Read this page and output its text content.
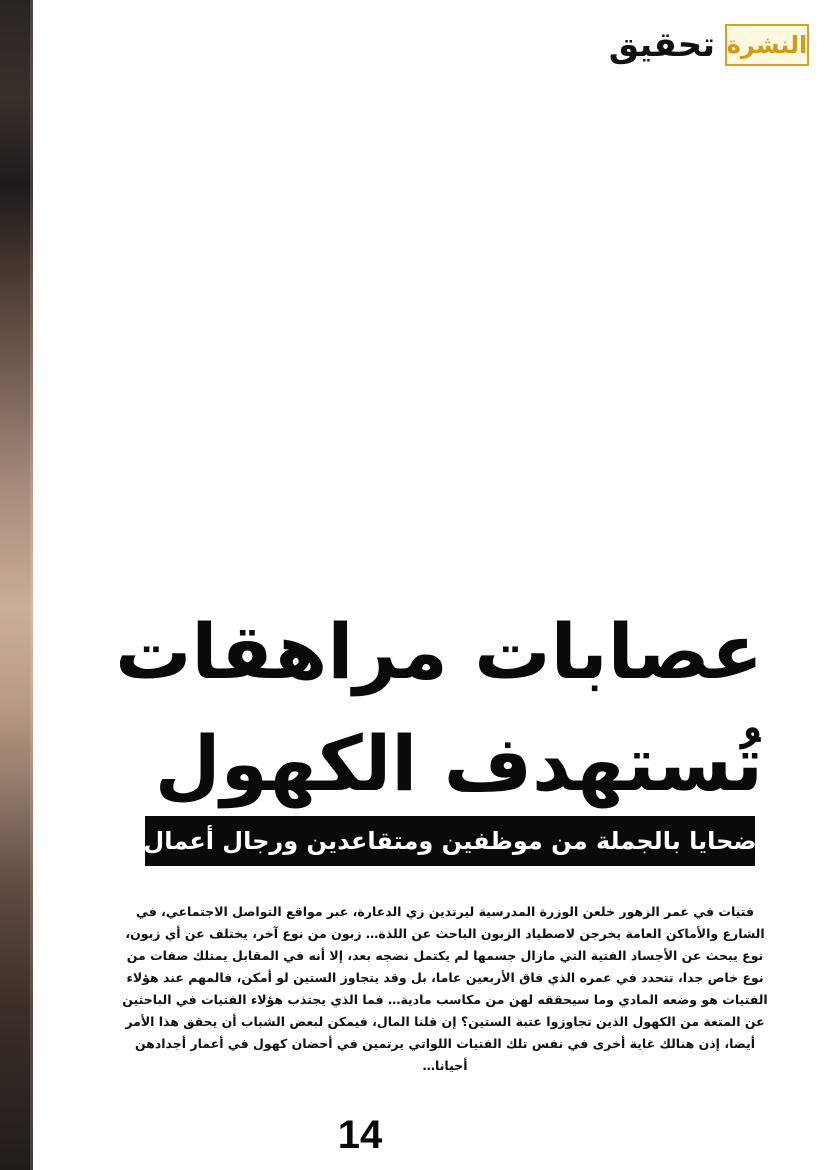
تحقيق النشرة
عصابات مراهقات
تُستهدف الكهول
ضحايا بالجملة من موظفين ومتقاعدين ورجال أعمال

فتيات في عمر الزهور خلعن الوزرة المدرسية ليرتدين زي الدعارة، عبر مواقع التواصل الاجتماعي، في الشارع والأماكن العامة يخرجن لاصطياد الزبون الباحث عن اللذة… زبون من نوع آخر، يختلف عن أي زبون، نوع يبحث عن الأجساد الفتية التي مازال جسمها لم يكتمل نضجه بعد، إلا أنه في المقابل يمتلك صفات من نوع خاص جدا، تتحدد في عمره الذي فاق الأربعين عاما، بل وقد يتجاوز الستين لو أمكن، فالمهم عند هؤلاء الفتيات هو وضعه المادي وما سيحققه لهن من مكاسب مادية… فما الذي يجتذب هؤلاء الفتيات في الباحثين عن المتعة من الكهول الذين تجاوزوا عتبة الستين؟ إن قلنا المال، فيمكن لبعض الشباب أن يحقق هذا الأمر أيضا، إذن هنالك غاية أخرى في نفس تلك الفتيات اللواتي يرتمين في أحضان كهول في أعمار أجدادهن أحيانا…

14
